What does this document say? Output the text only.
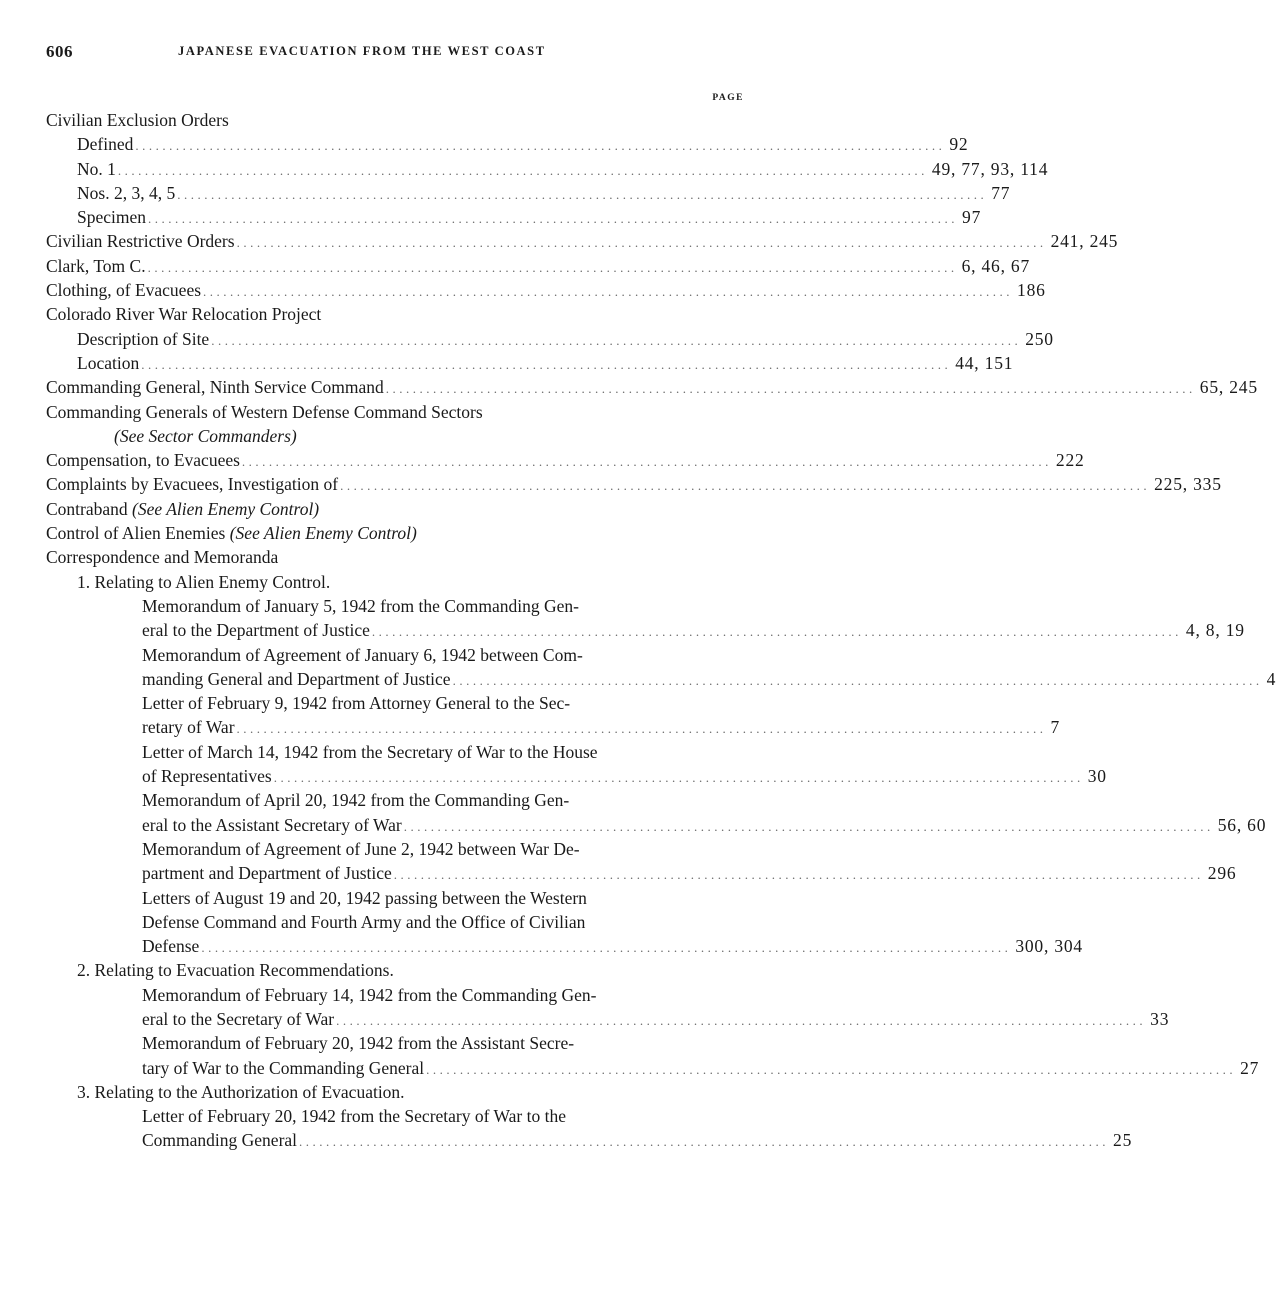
606	JAPANESE EVACUATION FROM THE WEST COAST
PAGE
Civilian Exclusion Orders
Defined ........................................................................................................................ 92
No. 1 ........................................................................................................................ 49, 77, 93, 114
Nos. 2, 3, 4, 5 ........................................................................................................................ 77
Specimen ........................................................................................................................ 97
Civilian Restrictive Orders ........................................................................................................................ 241, 245
Clark, Tom C. ........................................................................................................................ 6, 46, 67
Clothing, of Evacuees ........................................................................................................................ 186
Colorado River War Relocation Project
Description of Site ........................................................................................................................ 250
Location ........................................................................................................................ 44, 151
Commanding General, Ninth Service Command ........................................................................................................................ 65, 245
Commanding Generals of Western Defense Command Sectors
(See Sector Commanders)
Compensation, to Evacuees ........................................................................................................................ 222
Complaints by Evacuees, Investigation of ........................................................................................................................ 225, 335
Contraband (See Alien Enemy Control)
Control of Alien Enemies (See Alien Enemy Control)
Correspondence and Memoranda
1. Relating to Alien Enemy Control.
Memorandum of January 5, 1942 from the Commanding Gen-
eral to the Department of Justice ........................................................................................................................ 4, 8, 19
Memorandum of Agreement of January 6, 1942 between Com-
manding General and Department of Justice ........................................................................................................................ 4
Letter of February 9, 1942 from Attorney General to the Sec-
retary of War ........................................................................................................................ 7
Letter of March 14, 1942 from the Secretary of War to the House
of Representatives ........................................................................................................................ 30
Memorandum of April 20, 1942 from the Commanding Gen-
eral to the Assistant Secretary of War ........................................................................................................................ 56, 60
Memorandum of Agreement of June 2, 1942 between War De-
partment and Department of Justice ........................................................................................................................ 296
Letters of August 19 and 20, 1942 passing between the Western
Defense Command and Fourth Army and the Office of Civilian
Defense ........................................................................................................................ 300, 304
2. Relating to Evacuation Recommendations.
Memorandum of February 14, 1942 from the Commanding Gen-
eral to the Secretary of War ........................................................................................................................ 33
Memorandum of February 20, 1942 from the Assistant Secre-
tary of War to the Commanding General ........................................................................................................................ 27
3. Relating to the Authorization of Evacuation.
Letter of February 20, 1942 from the Secretary of War to the
Commanding General ........................................................................................................................ 25
